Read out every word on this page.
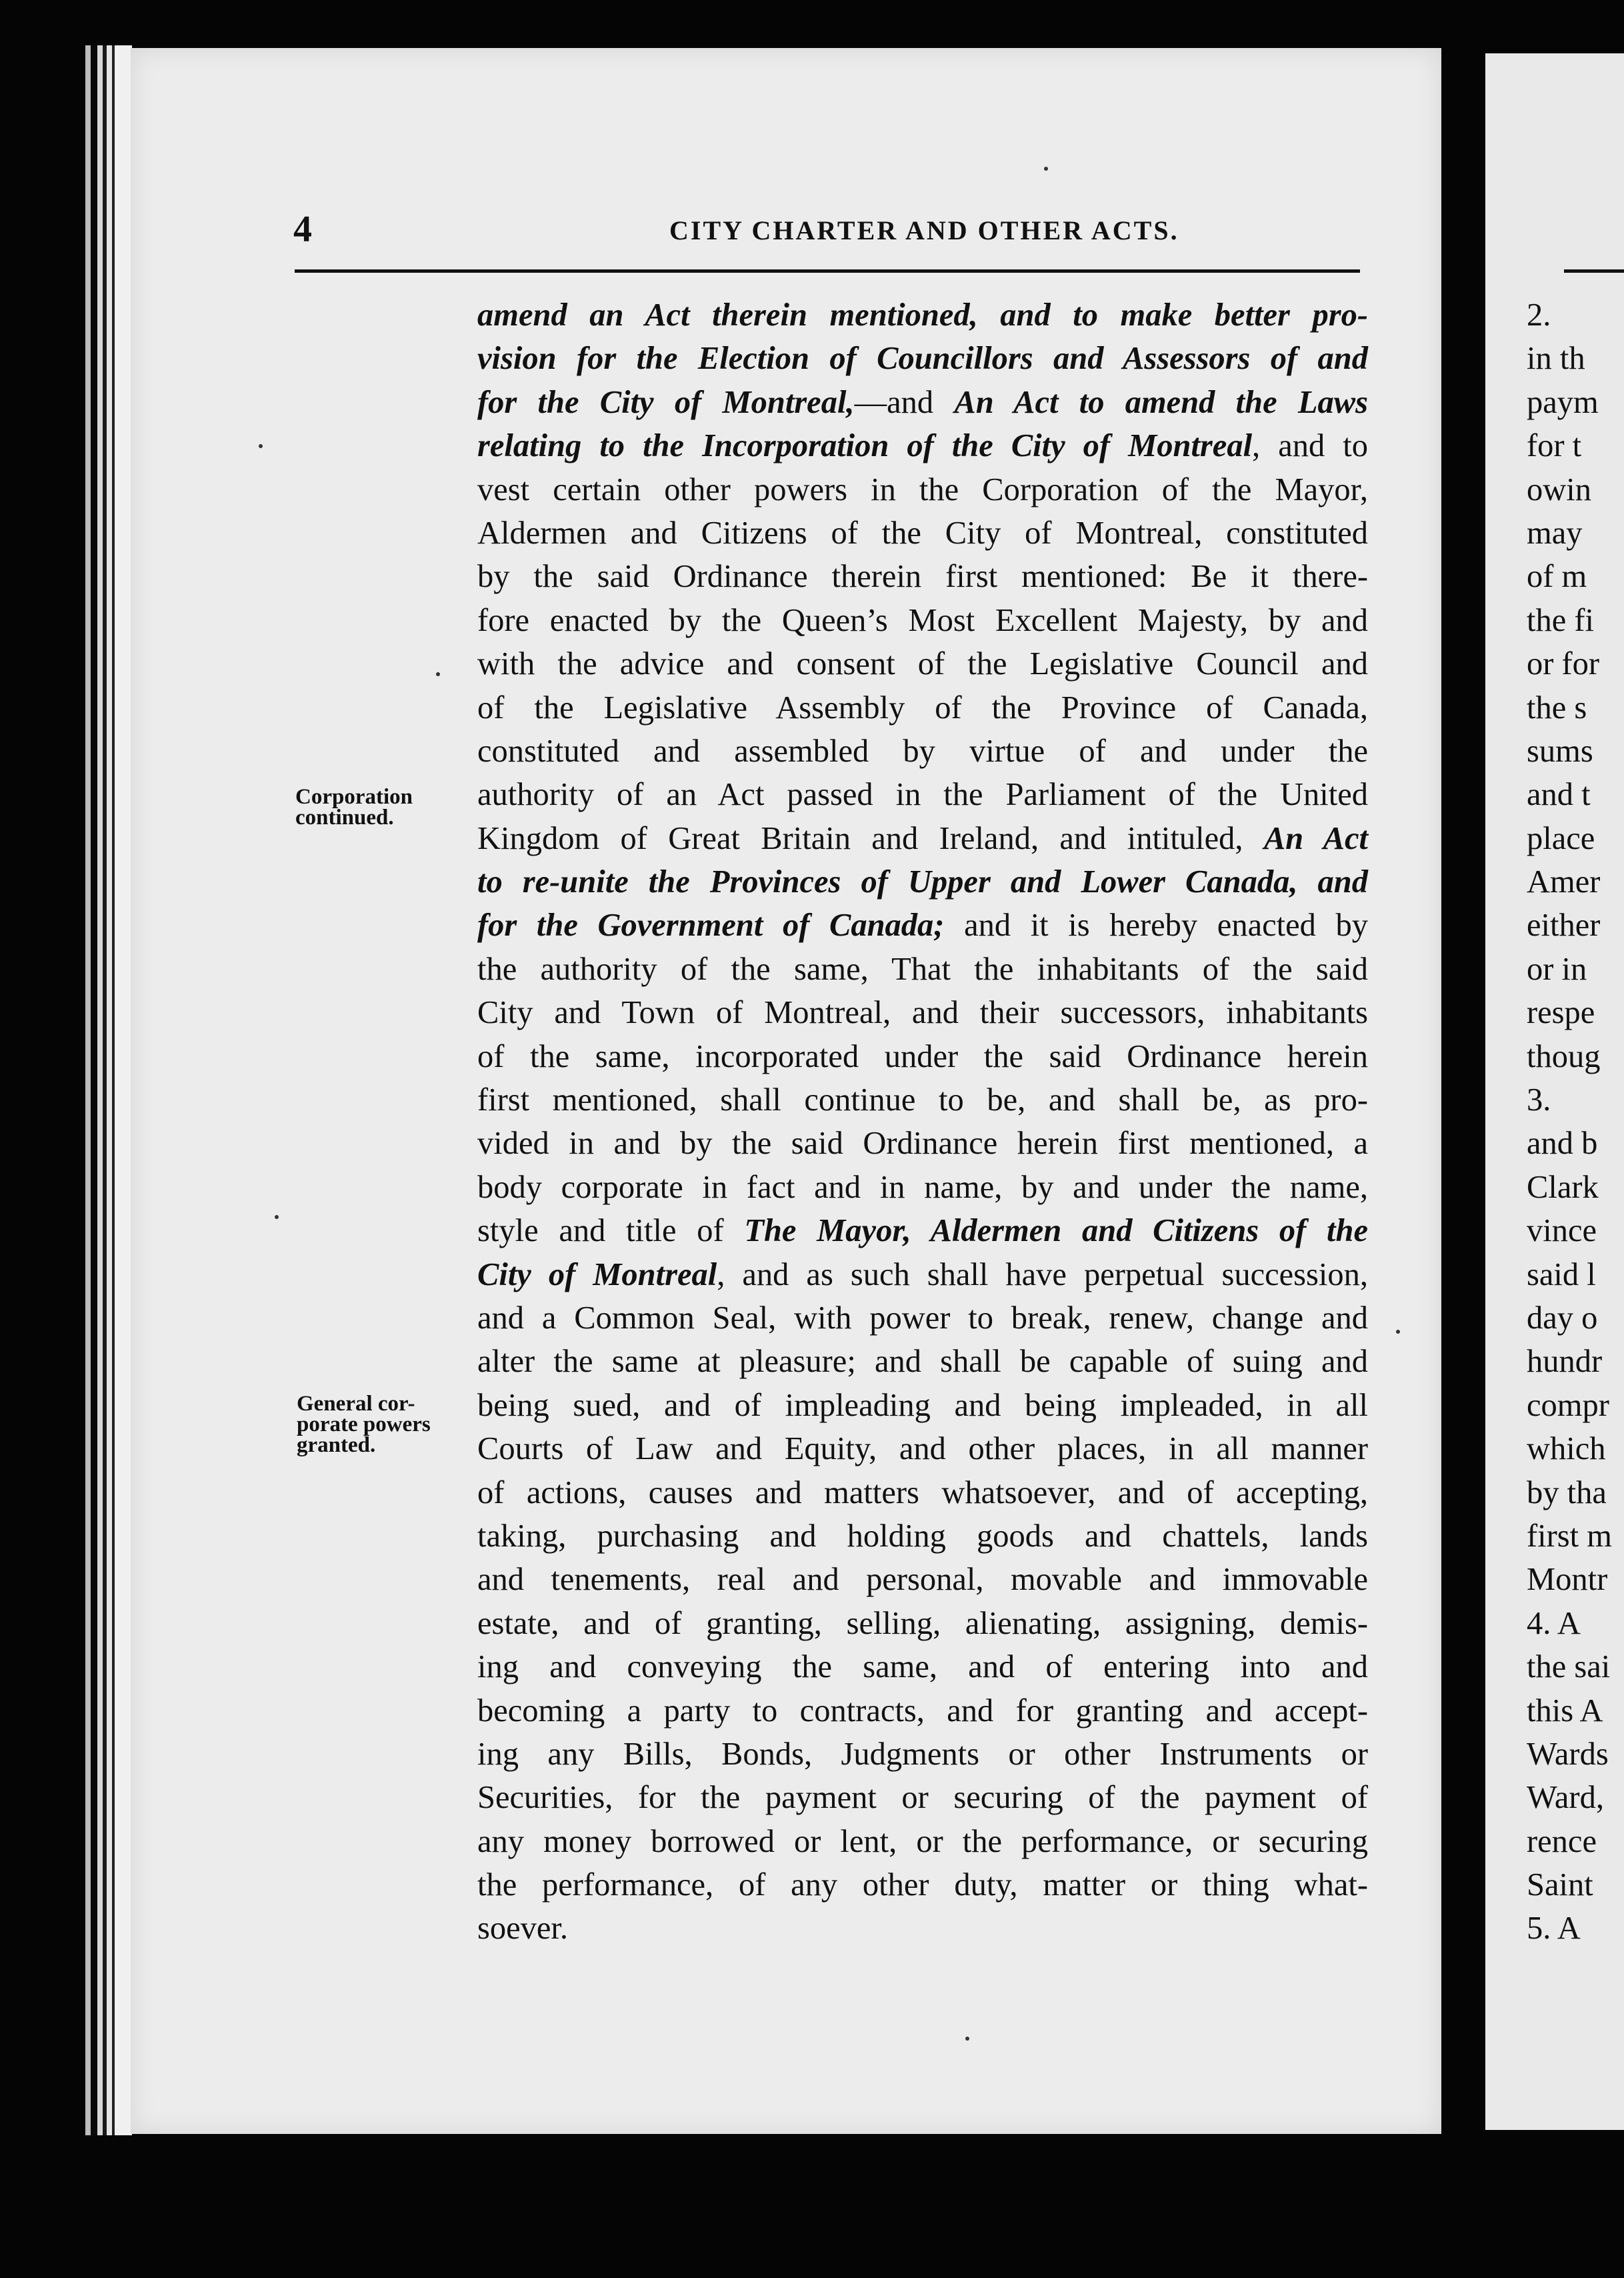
4	CITY CHARTER AND OTHER ACTS.
amend an Act therein mentioned, and to make better pro-
vision for the Election of Councillors and Assessors of and
for the City of Montreal,—and An Act to amend the Laws
relating to the Incorporation of the City of Montreal, and to
vest certain other powers in the Corporation of the Mayor,
Aldermen and Citizens of the City of Montreal, constituted
by the said Ordinance therein first mentioned: Be it there-
fore enacted by the Queen’s Most Excellent Majesty, by and
with the advice and consent of the Legislative Council and
of the Legislative Assembly of the Province of Canada,
constituted and assembled by virtue of and under the
authority of an Act passed in the Parliament of the United
Kingdom of Great Britain and Ireland, and intituled, An Act
to re-unite the Provinces of Upper and Lower Canada, and
for the Government of Canada; and it is hereby enacted by
the authority of the same, That the inhabitants of the said
City and Town of Montreal, and their successors, inhabitants
of the same, incorporated under the said Ordinance herein
first mentioned, shall continue to be, and shall be, as pro-
vided in and by the said Ordinance herein first mentioned, a
body corporate in fact and in name, by and under the name,
style and title of The Mayor, Aldermen and Citizens of the
City of Montreal, and as such shall have perpetual succession,
and a Common Seal, with power to break, renew, change and
alter the same at pleasure; and shall be capable of suing and
being sued, and of impleading and being impleaded, in all
Courts of Law and Equity, and other places, in all manner
of actions, causes and matters whatsoever, and of accepting,
taking, purchasing and holding goods and chattels, lands
and tenements, real and personal, movable and immovable
estate, and of granting, selling, alienating, assigning, demis-
ing and conveying the same, and of entering into and
becoming a party to contracts, and for granting and accept-
ing any Bills, Bonds, Judgments or other Instruments or
Securities, for the payment or securing of the payment of
any money borrowed or lent, or the performance, or securing
the performance, of any other duty, matter or thing what-
soever.
Corporation
continued.
General cor-
porate powers
granted.
2.
in th
paym
for t
owin
may
of m
the fi
or for
the s
sums
and t
place
Amer
either
or in
respe
thoug
3.
and b
Clark
vince
said l
day o
hundr
compr
which
by tha
first m
Montr
4. A
the sai
this A
Wards
Ward,
rence
Saint
5. A
